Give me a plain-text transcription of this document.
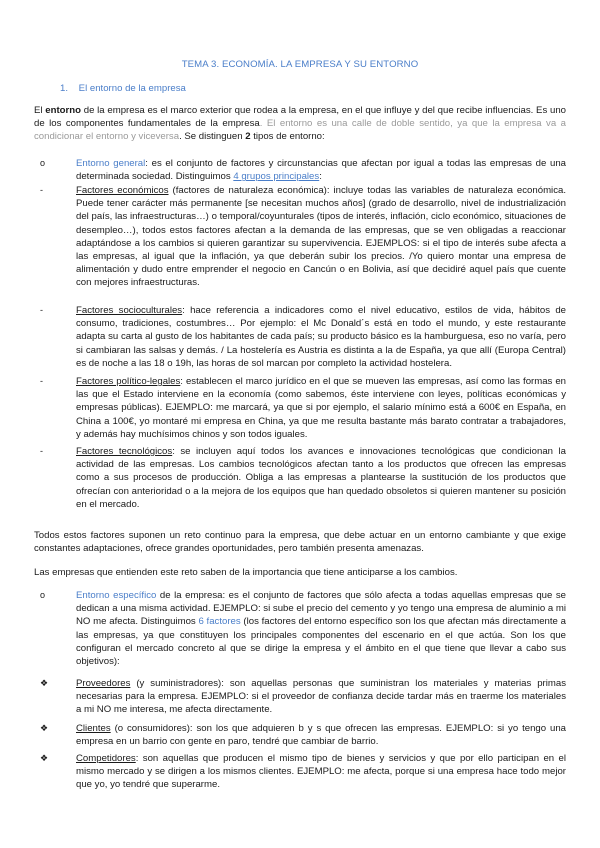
TEMA 3. ECONOMÍA. LA EMPRESA Y SU ENTORNO
1. El entorno de la empresa
El entorno de la empresa es el marco exterior que rodea a la empresa, en el que influye y del que recibe influencias. Es uno de los componentes fundamentales de la empresa. El entorno es una calle de doble sentido, ya que la empresa va a condicionar el entorno y viceversa. Se distinguen 2 tipos de entorno:
o	Entorno general: es el conjunto de factores y circunstancias que afectan por igual a todas las empresas de una determinada sociedad. Distinguimos 4 grupos principales:
-	Factores económicos (factores de naturaleza económica): incluye todas las variables de naturaleza económica. Puede tener carácter más permanente [se necesitan muchos años] (grado de desarrollo, nivel de industrialización del país, las infraestructuras…) o temporal/coyunturales (tipos de interés, inflación, ciclo económico, situaciones de desempleo…), todos estos factores afectan a la demanda de las empresas, que se ven obligadas a reaccionar adaptándose a los cambios si quieren garantizar su supervivencia. EJEMPLOS: si el tipo de interés sube afecta a las empresas, al igual que la inflación, ya que deberán subir los precios. /Yo quiero montar una empresa de alimentación y dudo entre emprender el negocio en Cancún o en Bolivia, así que decidiré aquel país que cuente con mejores infraestructuras.
-	Factores socioculturales: hace referencia a indicadores como el nivel educativo, estilos de vida, hábitos de consumo, tradiciones, costumbres… Por ejemplo: el Mc Donald´s está en todo el mundo, y este restaurante adapta su carta al gusto de los habitantes de cada país; su producto básico es la hamburguesa, eso no varía, pero si cambiaran las salsas y demás. / La hostelería es Austria es distinta a la de España, ya que allí (Europa Central) es de noche a las 18 o 19h, las horas de sol marcan por completo la actividad hostelera.
-	Factores político-legales: establecen el marco jurídico en el que se mueven las empresas, así como las formas en las que el Estado interviene en la economía (como sabemos, éste interviene con leyes, políticas económicas y empresas públicas). EJEMPLO: me marcará, ya que si por ejemplo, el salario mínimo está a 600€ en España, en China a 100€, yo montaré mi empresa en China, ya que me resulta bastante más barato contratar a trabajadores, y además hay muchísimos chinos y son todos iguales.
-	Factores tecnológicos: se incluyen aquí todos los avances e innovaciones tecnológicas que condicionan la actividad de las empresas. Los cambios tecnológicos afectan tanto a los productos que ofrecen las empresas como a sus procesos de producción. Obliga a las empresas a plantearse la sustitución de los productos que ofrecían con anterioridad o a la mejora de los equipos que han quedado obsoletos si quieren mantener su posición en el mercado.
Todos estos factores suponen un reto continuo para la empresa, que debe actuar en un entorno cambiante y que exige constantes adaptaciones, ofrece grandes oportunidades, pero también presenta amenazas.
Las empresas que entienden este reto saben de la importancia que tiene anticiparse a los cambios.
o	Entorno específico de la empresa: es el conjunto de factores que sólo afecta a todas aquellas empresas que se dedican a una misma actividad. EJEMPLO: si sube el precio del cemento y yo tengo una empresa de aluminio a mi NO me afecta. Distinguimos 6 factores (los factores del entorno específico son los que afectan más directamente a las empresas, ya que constituyen los principales componentes del escenario en el que actúa. Son los que configuran el mercado concreto al que se dirige la empresa y el ámbito en el que tiene que llevar a cabo sus objetivos):
❖	Proveedores (y suministradores): son aquellas personas que suministran los materiales y materias primas necesarias para la empresa. EJEMPLO: si el proveedor de confianza decide tardar más en traerme los materiales a mi NO me interesa, me afecta directamente.
❖	Clientes (o consumidores): son los que adquieren b y s que ofrecen las empresas. EJEMPLO: si yo tengo una empresa en un barrio con gente en paro, tendré que cambiar de barrio.
❖	Competidores: son aquellas que producen el mismo tipo de bienes y servicios y que por ello participan en el mismo mercado y se dirigen a los mismos clientes. EJEMPLO: me afecta, porque si una empresa hace todo mejor que yo, yo tendré que superarme.
